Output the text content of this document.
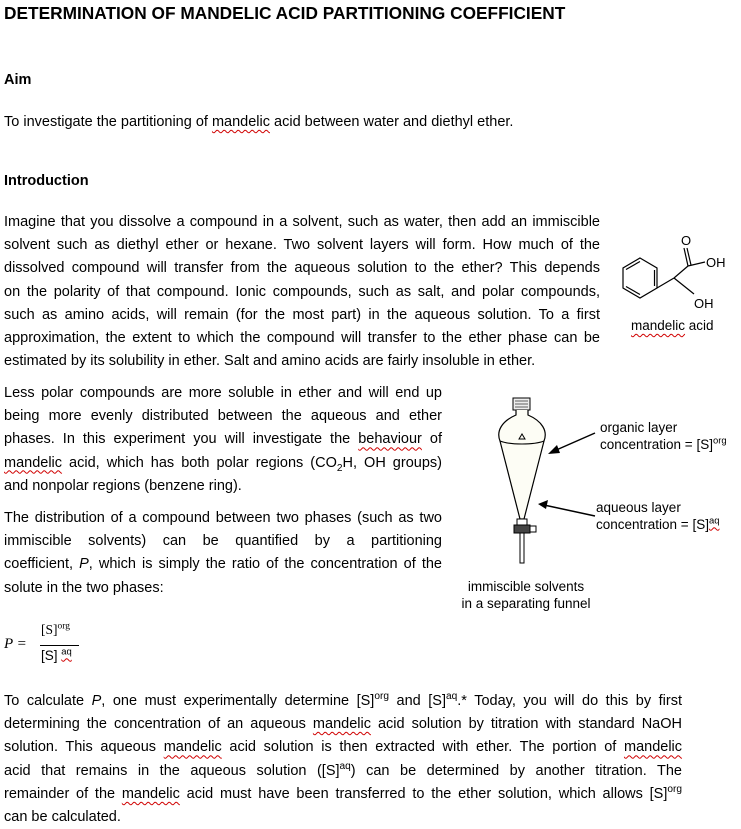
DETERMINATION OF MANDELIC ACID PARTITIONING COEFFICIENT
Aim
To investigate the partitioning of mandelic acid between water and diethyl ether.
Introduction
Imagine that you dissolve a compound in a solvent, such as water, then add an immiscible
solvent such as diethyl ether or hexane. Two solvent layers will form. How much of the
dissolved compound will transfer from the aqueous solution to the ether? This depends
on the polarity of that compound. Ionic compounds, such as salt, and polar compounds,
such as amino acids, will remain (for the most part) in the aqueous solution. To a first
approximation, the extent to which the compound will transfer to the ether phase can be
estimated by its solubility in ether. Salt and amino acids are fairly insoluble in ether.
Less polar compounds are more soluble in ether and will end up
being more evenly distributed between the aqueous and ether
phases. In this experiment you will investigate the behaviour of
mandelic acid, which has both polar regions ($CO_2H$, OH groups)
and nonpolar regions (benzene ring).
The distribution of a compound between two phases (such as two
immiscible solvents) can be quantified by a partitioning
coefficient, P, which is simply the ratio of the concentration of the
solute in the two phases:
P =
$[S]^{org}$
[S] $^{aq}$
To calculate P, one must experimentally determine $[S]^{org}$ and $[S]^{aq}.*$ Today, you will do this by first
determining the concentration of an aqueous mandelic acid solution by titration with standard NaOH
solution. This aqueous mandelic acid solution is then extracted with ether. The portion of mandelic
acid that remains in the aqueous solution $([S]^{aq})$ can be determined by another titration. The
remainder of the mandelic acid must have been transferred to the ether solution, which allows $[S]^{org}$
can be calculated.
O
OH
OH
mandelic acid
organic layer
concentration = $[S]^{org}$
aqueous layer
concentration = $[S]^{aq}$
immiscible solvents
in a separating funnel
